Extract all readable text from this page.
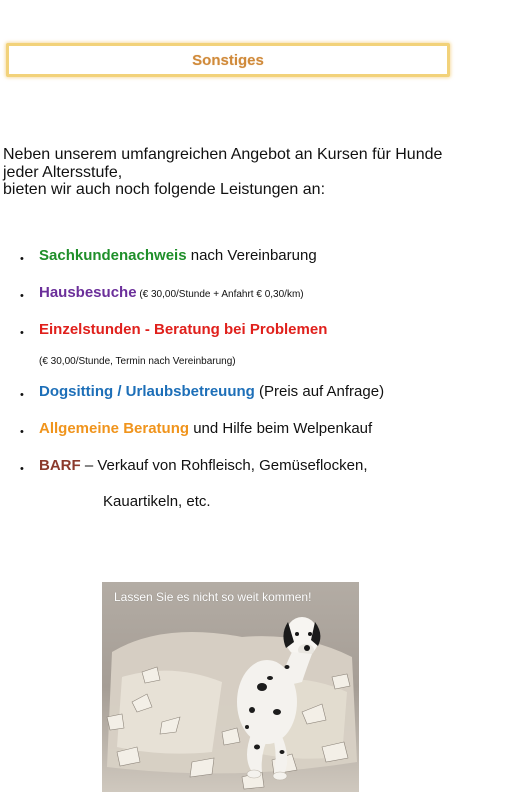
Sonstiges
Neben unserem umfangreichen Angebot an Kursen für Hunde
jeder Altersstufe,
bieten wir auch noch folgende Leistungen an:
• Sachkundenachweis nach Vereinbarung
• Hausbesuche (€ 30,00/Stunde + Anfahrt € 0,30/km)
• Einzelstunden - Beratung bei Problemen
(€ 30,00/Stunde, Termin nach Vereinbarung)
• Dogsitting / Urlaubsbetreuung (Preis auf Anfrage)
• Allgemeine Beratung und Hilfe beim Welpenkauf
• BARF – Verkauf von Rohfleisch, Gemüseflocken,
Kauartikeln, etc.
Lassen Sie es nicht so weit kommen!
